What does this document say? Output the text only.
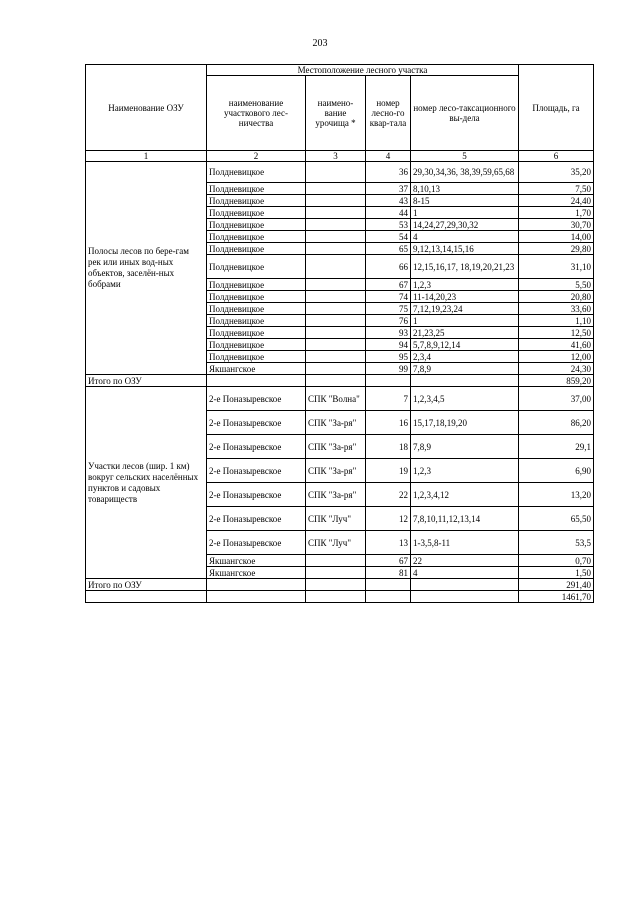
203
Наименование ОЗУ	Местоположение лесного участка				Площадь, га
	наименование участкового лес-ничества	наимено-вание урочища *	номер лесно-го квар-тала	номер лесо-таксационного вы-дела	
1	2	3	4	5	6
Полосы лесов по бере-гам рек или иных вод-ных объектов, заселён-ных бобрами	Полдневицкое		36	29,30,34,36, 38,39,59,65,68	35,20
	Полдневицкое		37	8,10,13	7,50
	Полдневицкое		43	8-15	24,40
	Полдневицкое		44	1	1,70
	Полдневицкое		53	14,24,27,29,30,32	30,70
	Полдневицкое		54	4	14,00
	Полдневицкое		65	9,12,13,14,15,16	29,80
	Полдневицкое		66	12,15,16,17, 18,19,20,21,23	31,10
	Полдневицкое		67	1,2,3	5,50
	Полдневицкое		74	11-14,20,23	20,80
	Полдневицкое		75	7,12,19,23,24	33,60
	Полдневицкое		76	1	1,10
	Полдневицкое		93	21,23,25	12,50
	Полдневицкое		94	5,7,8,9,12,14	41,60
	Полдневицкое		95	2,3,4	12,00
	Якшангское		99	7,8,9	24,30
Итого по ОЗУ					859,20
Участки лесов (шир. 1 км) вокруг сельских населённых пунктов и садовых товариществ	2-е Поназыревское	СПК "Волна"	7	1,2,3,4,5	37,00
	2-е Поназыревское	СПК "За-ря"	16	15,17,18,19,20	86,20
	2-е Поназыревское	СПК "За-ря"	18	7,8,9	29,1
	2-е Поназыревское	СПК "За-ря"	19	1,2,3	6,90
	2-е Поназыревское	СПК "За-ря"	22	1,2,3,4,12	13,20
	2-е Поназыревское	СПК "Луч"	12	7,8,10,11,12,13,14	65,50
	2-е Поназыревское	СПК "Луч"	13	1-3,5,8-11	53,5
	Якшангское		67	22	0,70
	Якшангское		81	4	1,50
Итого по ОЗУ					291,40
					1461,70
